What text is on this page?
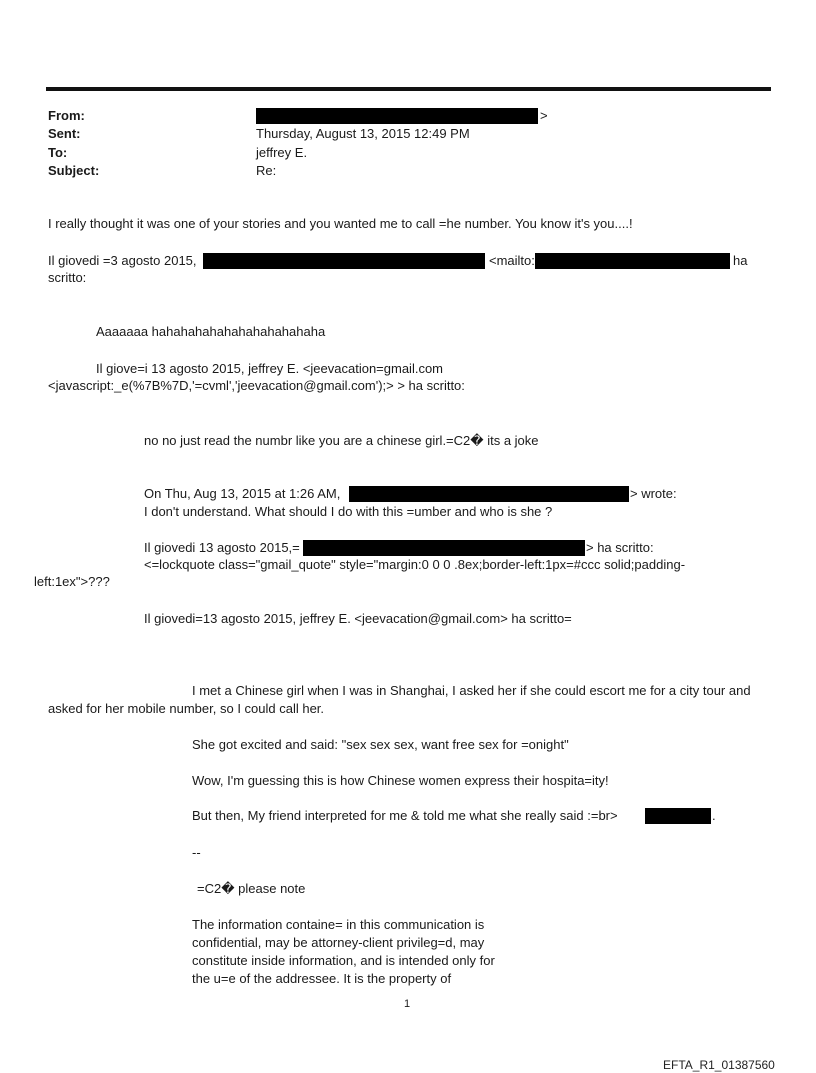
From:	>
Sent:	Thursday, August 13, 2015 12:49 PM
To:	jeffrey E.
Subject:	Re:
I really thought it was one of your stories and you wanted me to call =he number. You know it's you....!
Il giovedi =3 agosto 2015,	<mailto:	ha
scritto:
Aaaaaaa hahahahahahahahahahahaha
Il giove=i 13 agosto 2015, jeffrey E. <jeevacation=gmail.com
<javascript:_e(%7B%7D,'=cvml','jeevacation@gmail.com');> > ha scritto:
no no just read the numbr like you are a chinese girl.=C2� its a joke
On Thu, Aug 13, 2015 at 1:26 AM,	> wrote:
I don't understand. What should I do with this =umber and who is she ?
Il giovedi 13 agosto 2015,=	> ha scritto:
<=lockquote class="gmail_quote" style="margin:0 0 0 .8ex;border-left:1px=#ccc solid;padding-
left:1ex">???
Il giovedi=13 agosto 2015, jeffrey E. <jeevacation@gmail.com> ha scritto=
I met a Chinese girl when I was in Shanghai, I asked her if she could escort me for a city tour and
asked for her mobile number, so I could call her.
She got excited and said: "sex sex sex, want free sex for =onight"
Wow, I'm guessing this is how Chinese women express their hospita=ity!
But then, My friend interpreted for me & told me what she really said :=br>	.
--
=C2� please note
The information containe= in this communication is
confidential, may be attorney-client privileg=d, may
constitute inside information, and is intended only for
the u=e of the addressee. It is the property of
1
EFTA_R1_01387560
